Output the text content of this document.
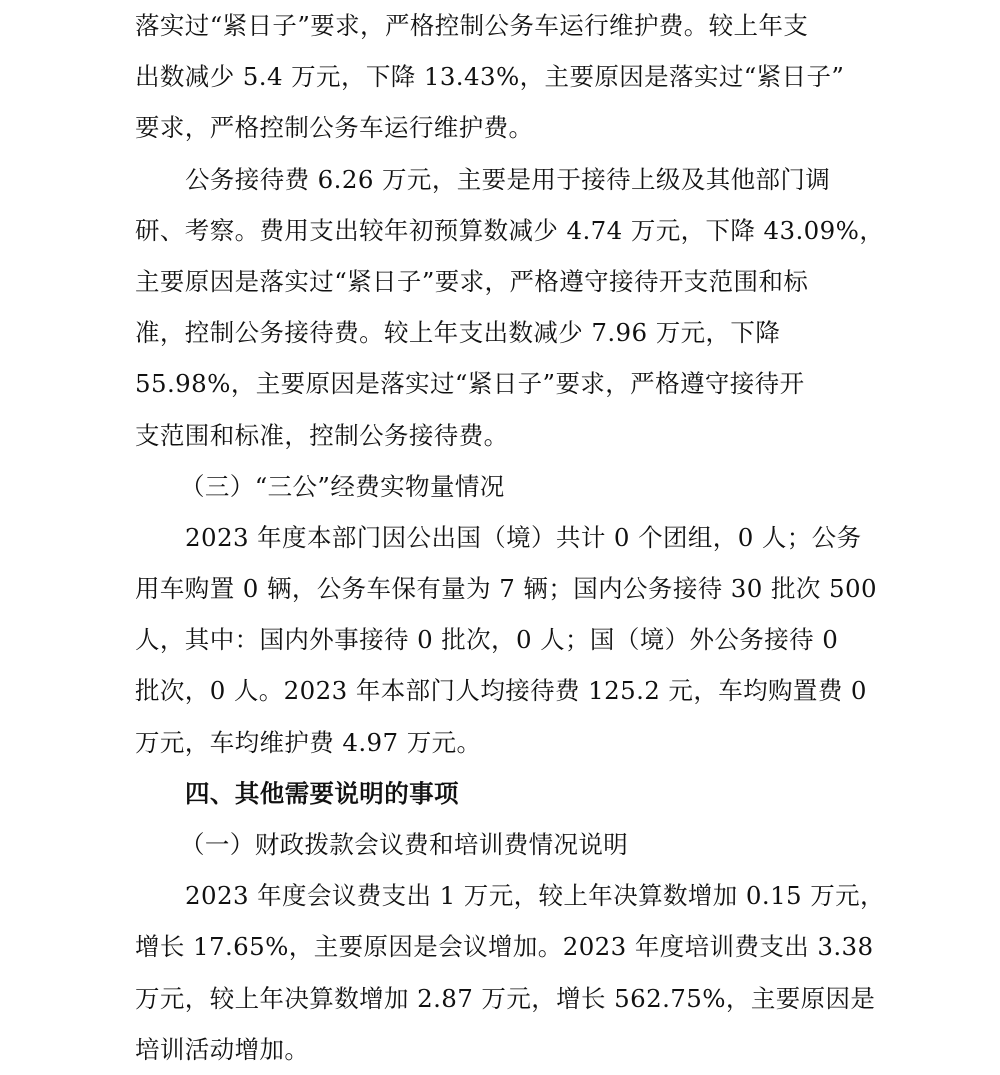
落实过“紧日子”要求，严格控制公务车运行维护费。较上年支
出数减少 5.4 万元，下降 13.43%，主要原因是落实过“紧日子”
要求，严格控制公务车运行维护费。
公务接待费 6.26 万元，主要是用于接待上级及其他部门调
研、考察。费用支出较年初预算数减少 4.74 万元，下降 43.09%，
主要原因是落实过“紧日子”要求，严格遵守接待开支范围和标
准，控制公务接待费。较上年支出数减少 7.96 万元，下降
55.98%，主要原因是落实过“紧日子”要求，严格遵守接待开
支范围和标准，控制公务接待费。
（三）“三公”经费实物量情况
2023 年度本部门因公出国（境）共计 0 个团组，0 人；公务
用车购置 0 辆，公务车保有量为 7 辆；国内公务接待 30 批次 500
人，其中：国内外事接待 0 批次，0 人；国（境）外公务接待 0
批次，0 人。2023 年本部门人均接待费 125.2 元，车均购置费 0
万元，车均维护费 4.97 万元。
四、其他需要说明的事项
（一）财政拨款会议费和培训费情况说明
2023 年度会议费支出 1 万元，较上年决算数增加 0.15 万元，
增长 17.65%，主要原因是会议增加。2023 年度培训费支出 3.38
万元，较上年决算数增加 2.87 万元，增长 562.75%，主要原因是
培训活动增加。
